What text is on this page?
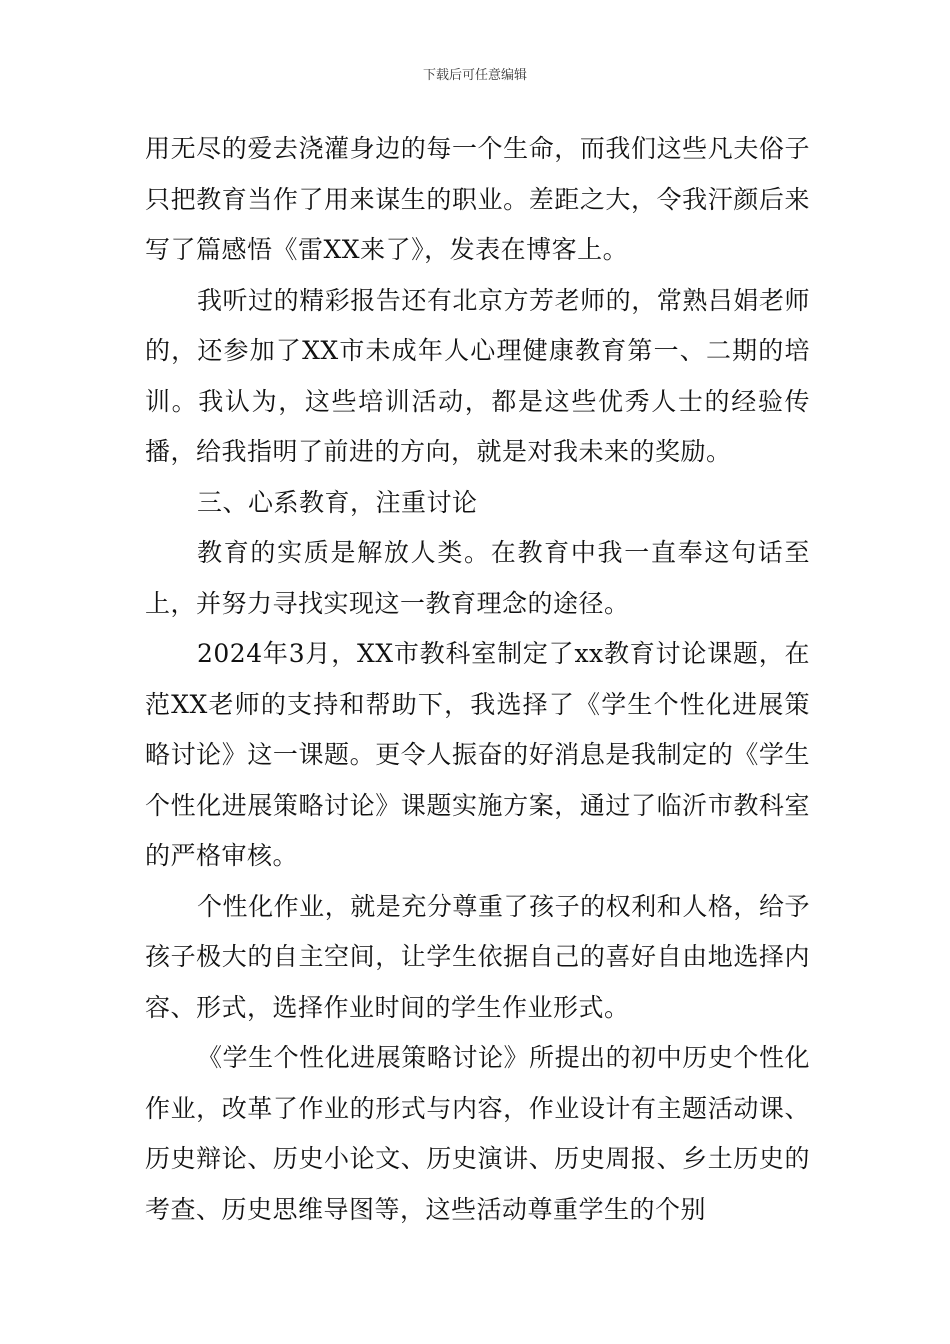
下载后可任意编辑

用无尽的爱去浇灌身边的每一个生命，而我们这些凡夫俗子只把教育当作了用来谋生的职业。差距之大，令我汗颜后来写了篇感悟《雷XX来了》，发表在博客上。

我听过的精彩报告还有北京方芳老师的，常熟吕娟老师的，还参加了XX市未成年人心理健康教育第一、二期的培训。我认为，这些培训活动，都是这些优秀人士的经验传播，给我指明了前进的方向，就是对我未来的奖励。

三、心系教育，注重讨论

教育的实质是解放人类。在教育中我一直奉这句话至上，并努力寻找实现这一教育理念的途径。

2024年3月，XX市教科室制定了xx教育讨论课题，在范XX老师的支持和帮助下，我选择了《学生个性化进展策略讨论》这一课题。更令人振奋的好消息是我制定的《学生个性化进展策略讨论》课题实施方案，通过了临沂市教科室的严格审核。

个性化作业，就是充分尊重了孩子的权利和人格，给予孩子极大的自主空间，让学生依据自己的喜好自由地选择内容、形式，选择作业时间的学生作业形式。

《学生个性化进展策略讨论》所提出的初中历史个性化作业，改革了作业的形式与内容，作业设计有主题活动课、历史辩论、历史小论文、历史演讲、历史周报、乡土历史的考查、历史思维导图等，这些活动尊重学生的个别
